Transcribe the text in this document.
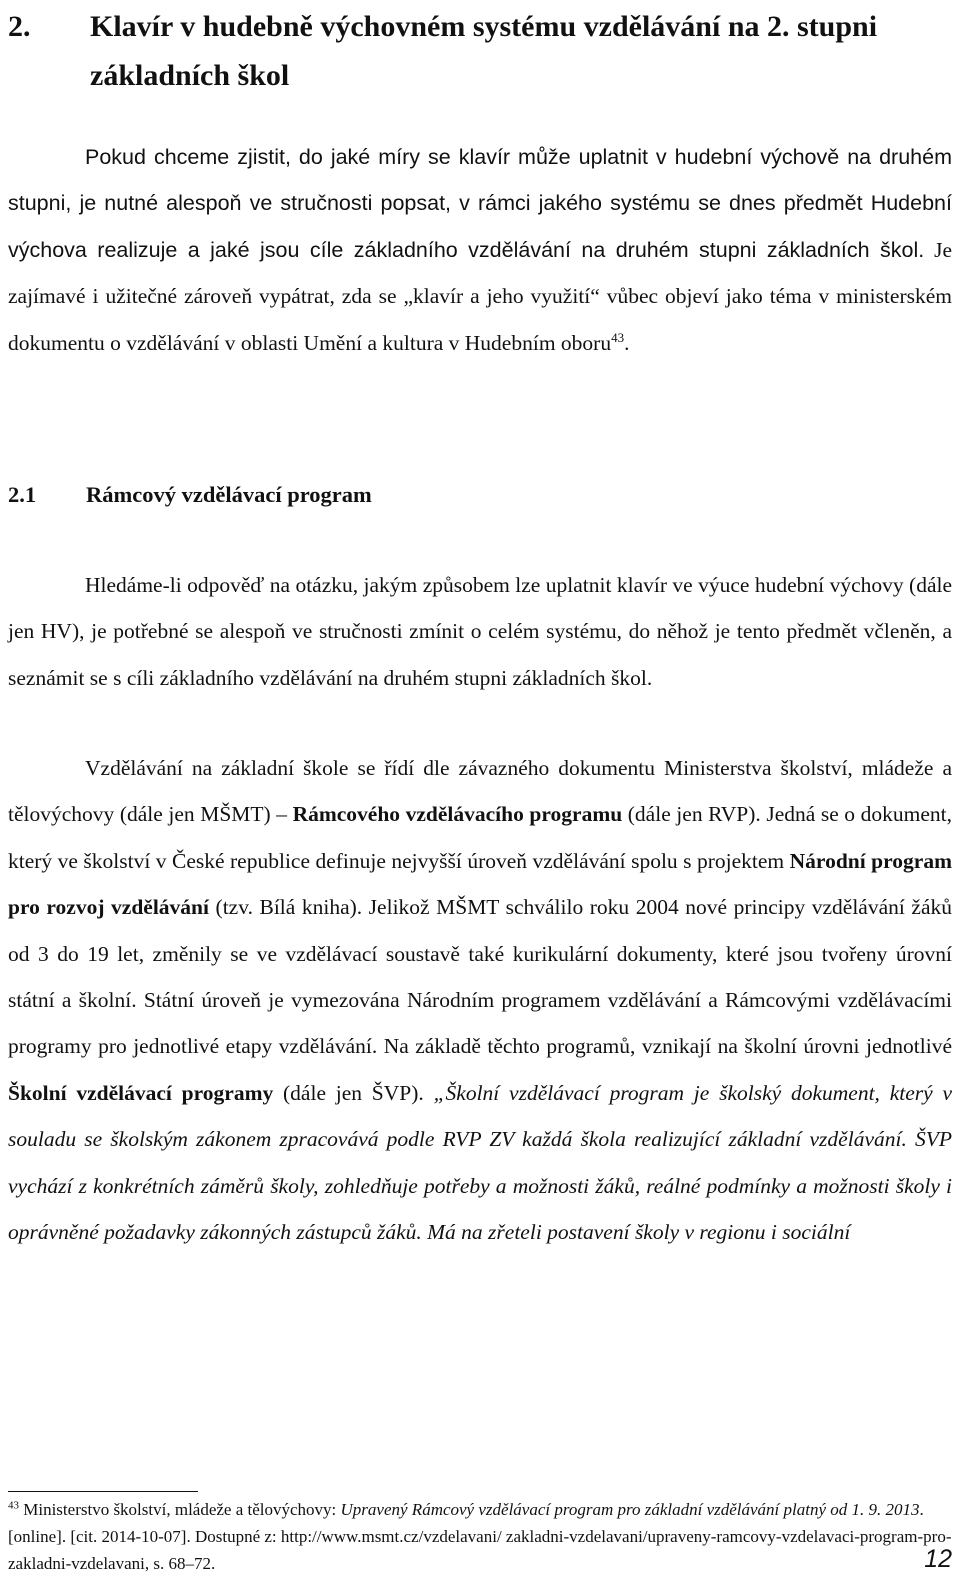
2. Klavír v hudebně výchovném systému vzdělávání na 2. stupni
základních škol

Pokud chceme zjistit, do jaké míry se klavír může uplatnit v hudební výchově na druhém stupni, je nutné alespoň ve stručnosti popsat, v rámci jakého systému se dnes předmět Hudební výchova realizuje a jaké jsou cíle základního vzdělávání na druhém stupni základních škol. Je zajímavé i užitečné zároveň vypátrat, zda se „klavír a jeho využití“ vůbec objeví jako téma v ministerském dokumentu o vzdělávání v oblasti Umění a kultura v Hudebním oboru$^{43}$.

2.1 Rámcový vzdělávací program

Hledáme-li odpověď na otázku, jakým způsobem lze uplatnit klavír ve výuce hudební výchovy (dále jen HV), je potřebné se alespoň ve stručnosti zmínit o celém systému, do něhož je tento předmět včleněn, a seznámit se s cíli základního vzdělávání na druhém stupni základních škol.

Vzdělávání na základní škole se řídí dle závazného dokumentu Ministerstva školství, mládeže a tělovýchovy (dále jen MŠMT) – Rámcového vzdělávacího programu (dále jen RVP). Jedná se o dokument, který ve školství v České republice definuje nejvyšší úroveň vzdělávání spolu s projektem Národní program pro rozvoj vzdělávání (tzv. Bílá kniha). Jelikož MŠMT schválilo roku 2004 nové principy vzdělávání žáků od 3 do 19 let, změnily se ve vzdělávací soustavě také kurikulární dokumenty, které jsou tvořeny úrovní státní a školní. Státní úroveň je vymezována Národním programem vzdělávání a Rámcovými vzdělávacími programy pro jednotlivé etapy vzdělávání. Na základě těchto programů, vznikají na školní úrovni jednotlivé Školní vzdělávací programy (dále jen ŠVP). „Školní vzdělávací program je školský dokument, který v souladu se školským zákonem zpracovává podle RVP ZV každá škola realizující základní vzdělávání. ŠVP vychází z konkrétních záměrů školy, zohledňuje potřeby a možnosti žáků, reálné podmínky a možnosti školy i oprávněné požadavky zákonných zástupců žáků. Má na zřeteli postavení školy v regionu i sociální

$^{43}$ Ministerstvo školství, mládeže a tělovýchovy: Upravený Rámcový vzdělávací program pro základní vzdělávání platný od 1. 9. 2013. [online]. [cit. 2014-10-07]. Dostupné z: http://www.msmt.cz/vzdelavani/ zakladni-vzdelavani/upraveny-ramcovy-vzdelavaci-program-pro-zakladni-vzdelavani, s. 68–72.	12
